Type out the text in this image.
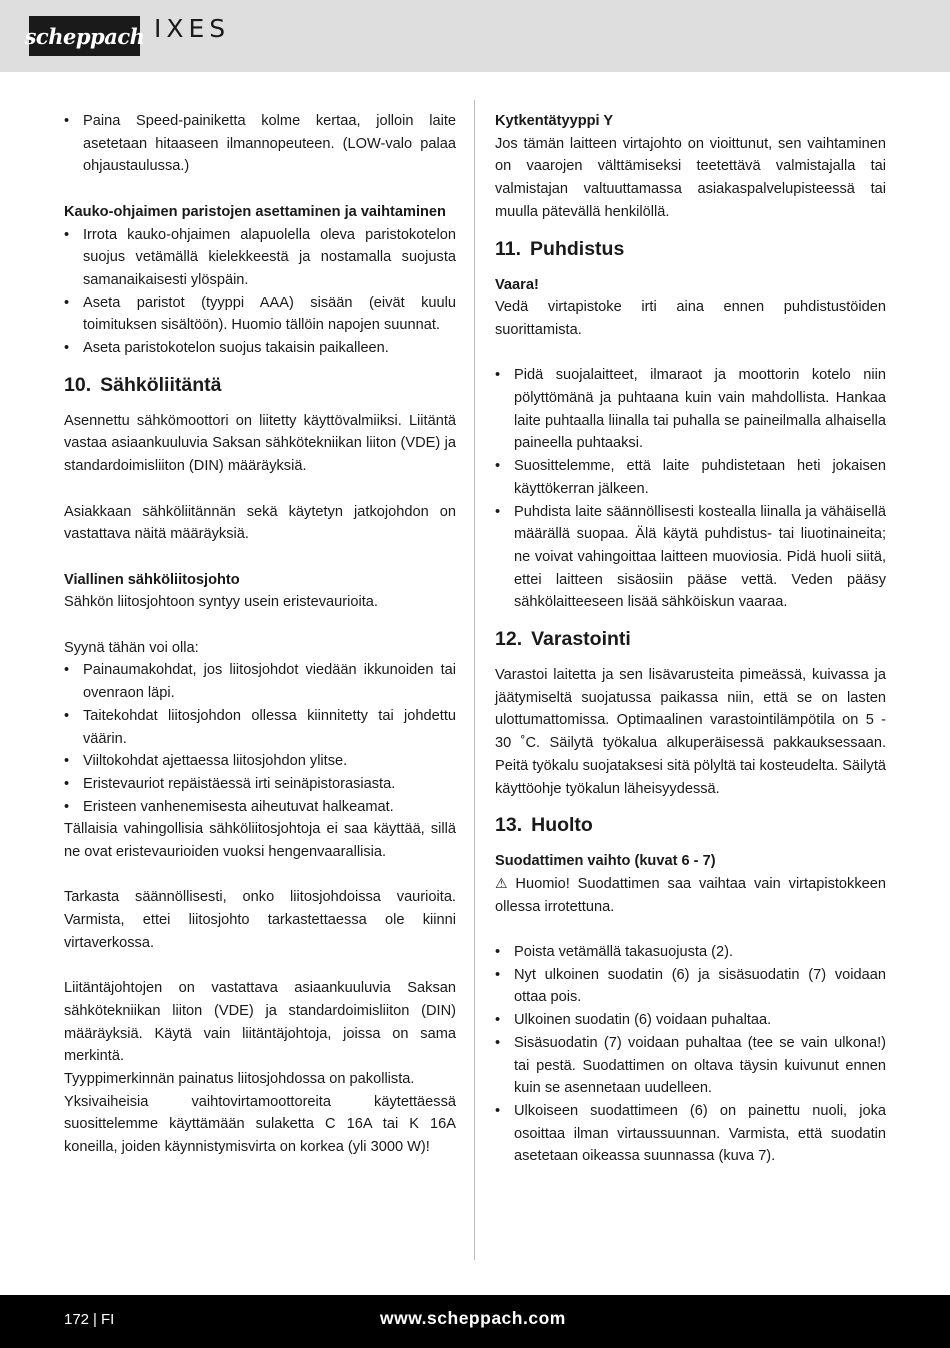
scheppach IXES
• Paina Speed-painiketta kolme kertaa, jolloin laite asetetaan hitaaseen ilmannopeuteen. (LOW-valo palaa ohjaustaulussa.)

Kauko-ohjaimen paristojen asettaminen ja vaihtaminen

• Irrota kauko-ohjaimen alapuolella oleva paristokotelon suojus vetämällä kielekkeestä ja nostamalla suojusta samanaikaisesti ylöspäin.
• Aseta paristot (tyyppi AAA) sisään (eivät kuulu toimituksen sisältöön). Huomio tällöin napojen suunnat.
• Aseta paristokotelon suojus takaisin paikalleen.
10. Sähköliitäntä

Asennettu sähkömoottori on liitetty käyttövalmiiksi. Liitäntä vastaa asiaankuuluvia Saksan sähkötekniikan liiton (VDE) ja standardoimisliiton (DIN) määräyksiä.

Asiakkaan sähköliitännän sekä käytetyn jatkojohdon on vastattava näitä määräyksiä.

Viallinen sähköliitosjohto

Sähkön liitosjohtoon syntyy usein eristevaurioita.

Syynä tähän voi olla:

• Painaumakohdat, jos liitosjohdot viedään ikkunoiden tai ovenraon läpi.
• Taitekohdat liitosjohdon ollessa kiinnitetty tai johdettu väärin.
• Viiltokohdat ajettaessa liitosjohdon ylitse.
• Eristevauriot repäistäessä irti seinäpistorasiasta.
• Eristeen vanhenemisesta aiheutuvat halkeamat.

Tällaisia vahingollisia sähköliitosjohtoja ei saa käyttää, sillä ne ovat eristevaurioiden vuoksi hengenvaarallisia.

Tarkasta säännöllisesti, onko liitosjohdoissa vaurioita. Varmista, ettei liitosjohto tarkastettaessa ole kiinni virtaverkossa.

Liitäntäjohtojen on vastattava asiaankuuluvia Saksan sähkötekniikan liiton (VDE) ja standardoimisliiton (DIN) määräyksiä. Käytä vain liitäntäjohtoja, joissa on sama merkintä.

Tyyppimerkinnän painatus liitosjohdossa on pakollista.

Yksivaiheisia vaihtovirtamoottoreita käytettäessä suosittelemme käyttämään sulaketta C 16A tai K 16A koneilla, joiden käynnistymisvirta on korkea (yli 3000 W)!

Kytkentätyyppi Y

Jos tämän laitteen virtajohto on vioittunut, sen vaihtaminen on vaarojen välttämiseksi teetettävä valmistajalla tai valmistajan valtuuttamassa asiakaspalvelupisteessä tai muulla pätevällä henkilöllä.

11. Puhdistus

Vaara!

Vedä virtapistoke irti aina ennen puhdistustöiden suorittamista.

• Pidä suojalaitteet, ilmaraot ja moottorin kotelo niin pölyttömänä ja puhtaana kuin vain mahdollista. Hankaa laite puhtaalla liinalla tai puhalla se paineilmalla alhaisella paineella puhtaaksi.
• Suosittelemme, että laite puhdistetaan heti jokaisen käyttökerran jälkeen.
• Puhdista laite säännöllisesti kostealla liinalla ja vähäisellä määrällä suopaa. Älä käytä puhdistus- tai liuotinaineita; ne voivat vahingoittaa laitteen muoviosia. Pidä huoli siitä, ettei laitteen sisäosiin pääse vettä. Veden pääsy sähkölaitteeseen lisää sähköiskun vaaraa.
12. Varastointi

Varastoi laitetta ja sen lisävarusteita pimeässä, kuivassa ja jäätymiseltä suojatussa paikassa niin, että se on lasten ulottumattomissa. Optimaalinen varastointilämpötila on 5 - 30 ˚C. Säilytä työkalua alkuperäisessä pakkauksessaan. Peitä työkalu suojataksesi sitä pölyltä tai kosteudelta. Säilytä käyttöohje työkalun läheisyydessä.

13. Huolto

Suodattimen vaihto (kuvat 6 - 7)

⚠ Huomio! Suodattimen saa vaihtaa vain virtapistokkeen ollessa irrotettuna.

• Poista vetämällä takasuojusta (2).
• Nyt ulkoinen suodatin (6) ja sisäsuodatin (7) voidaan ottaa pois.
• Ulkoinen suodatin (6) voidaan puhaltaa.
• Sisäsuodatin (7) voidaan puhaltaa (tee se vain ulkona!) tai pestä. Suodattimen on oltava täysin kuivunut ennen kuin se asennetaan uudelleen.
• Ulkoiseen suodattimeen (6) on painettu nuoli, joka osoittaa ilman virtaussuunnan. Varmista, että suodatin asetetaan oikeassa suunnassa (kuva 7).
172 | FI	www.scheppach.com
